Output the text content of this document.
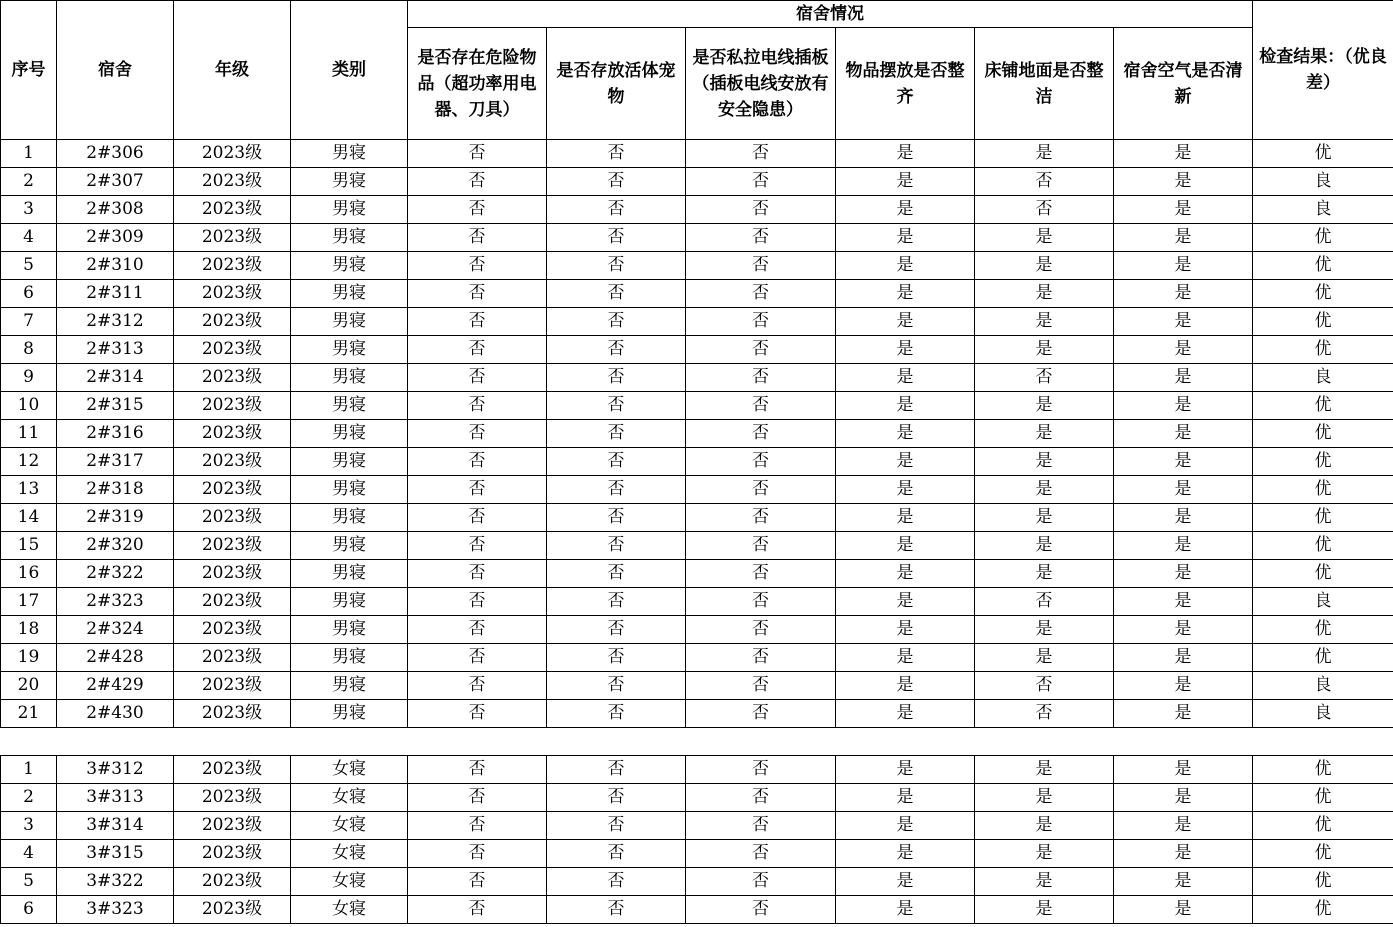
序号	宿舍	年级	类别	宿舍情况						检查结果：（优良差）
				是否存在危险物品（超功率用电器、刀具）	是否存放活体宠物	是否私拉电线插板 （插板电线安放有安全隐患）	物品摆放是否整齐	床铺地面是否整洁	宿舍空气是否清新	
1	2#306	2023级	男寝	否	否	否	是	是	是	优
2	2#307	2023级	男寝	否	否	否	是	否	是	良
3	2#308	2023级	男寝	否	否	否	是	否	是	良
4	2#309	2023级	男寝	否	否	否	是	是	是	优
5	2#310	2023级	男寝	否	否	否	是	是	是	优
6	2#311	2023级	男寝	否	否	否	是	是	是	优
7	2#312	2023级	男寝	否	否	否	是	是	是	优
8	2#313	2023级	男寝	否	否	否	是	是	是	优
9	2#314	2023级	男寝	否	否	否	是	否	是	良
10	2#315	2023级	男寝	否	否	否	是	是	是	优
11	2#316	2023级	男寝	否	否	否	是	是	是	优
12	2#317	2023级	男寝	否	否	否	是	是	是	优
13	2#318	2023级	男寝	否	否	否	是	是	是	优
14	2#319	2023级	男寝	否	否	否	是	是	是	优
15	2#320	2023级	男寝	否	否	否	是	是	是	优
16	2#322	2023级	男寝	否	否	否	是	是	是	优
17	2#323	2023级	男寝	否	否	否	是	否	是	良
18	2#324	2023级	男寝	否	否	否	是	是	是	优
19	2#428	2023级	男寝	否	否	否	是	是	是	优
20	2#429	2023级	男寝	否	否	否	是	否	是	良
21	2#430	2023级	男寝	否	否	否	是	否	是	良

1	3#312	2023级	女寝	否	否	否	是	是	是	优
2	3#313	2023级	女寝	否	否	否	是	是	是	优
3	3#314	2023级	女寝	否	否	否	是	是	是	优
4	3#315	2023级	女寝	否	否	否	是	是	是	优
5	3#322	2023级	女寝	否	否	否	是	是	是	优
6	3#323	2023级	女寝	否	否	否	是	是	是	优
